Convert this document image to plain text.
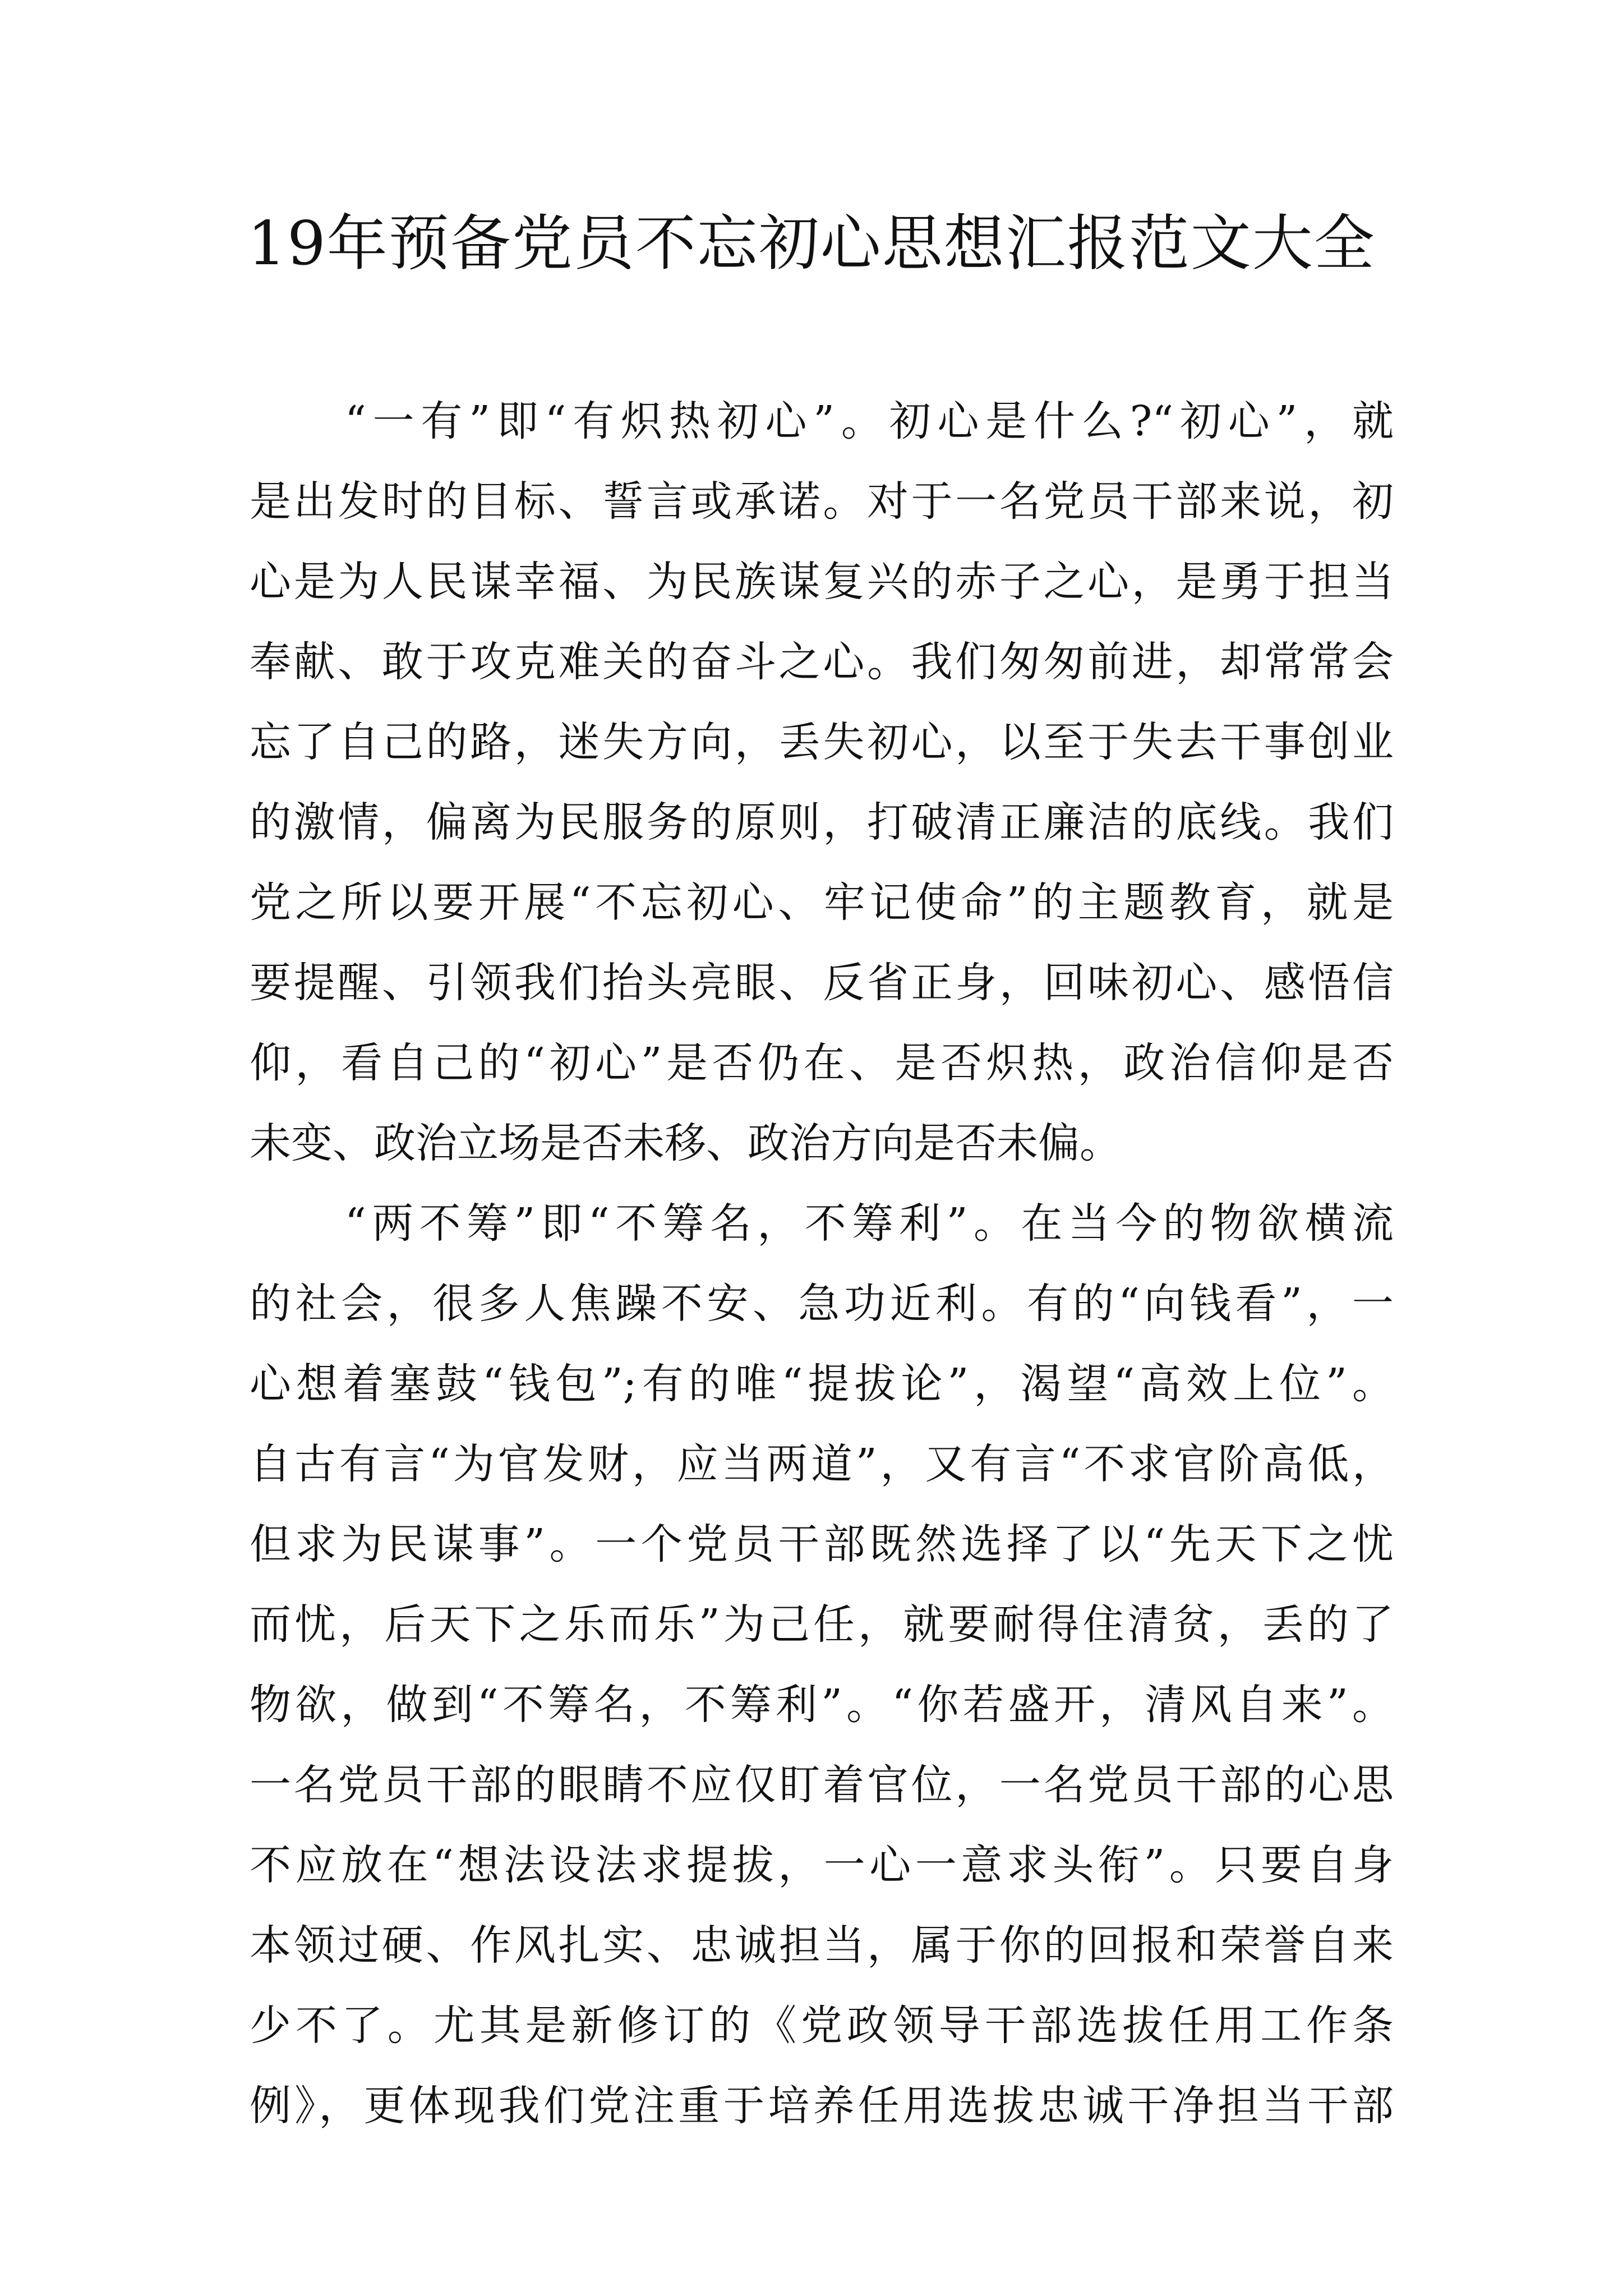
19年预备党员不忘初心思想汇报范文大全
“一有”即“有炽热初心”。初心是什么?“初心”，就
是出发时的目标、誓言或承诺。对于一名党员干部来说，初
心是为人民谋幸福、为民族谋复兴的赤子之心，是勇于担当
奉献、敢于攻克难关的奋斗之心。我们匆匆前进，却常常会
忘了自己的路，迷失方向，丢失初心，以至于失去干事创业
的激情，偏离为民服务的原则，打破清正廉洁的底线。我们
党之所以要开展“不忘初心、牢记使命”的主题教育，就是
要提醒、引领我们抬头亮眼、反省正身，回味初心、感悟信
仰，看自己的“初心”是否仍在、是否炽热，政治信仰是否
未变、政治立场是否未移、政治方向是否未偏。
“两不筹”即“不筹名，不筹利”。在当今的物欲横流
的社会，很多人焦躁不安、急功近利。有的“向钱看”，一
心想着塞鼓“钱包”;有的唯“提拔论”，渴望“高效上位”。
自古有言“为官发财，应当两道”，又有言“不求官阶高低，
但求为民谋事”。一个党员干部既然选择了以“先天下之忧
而忧，后天下之乐而乐”为己任，就要耐得住清贫，丢的了
物欲，做到“不筹名，不筹利”。“你若盛开，清风自来”。
一名党员干部的眼睛不应仅盯着官位，一名党员干部的心思
不应放在“想法设法求提拔，一心一意求头衔”。只要自身
本领过硬、作风扎实、忠诚担当，属于你的回报和荣誉自来
少不了。尤其是新修订的《党政领导干部选拔任用工作条
例》，更体现我们党注重于培养任用选拔忠诚干净担当干部
